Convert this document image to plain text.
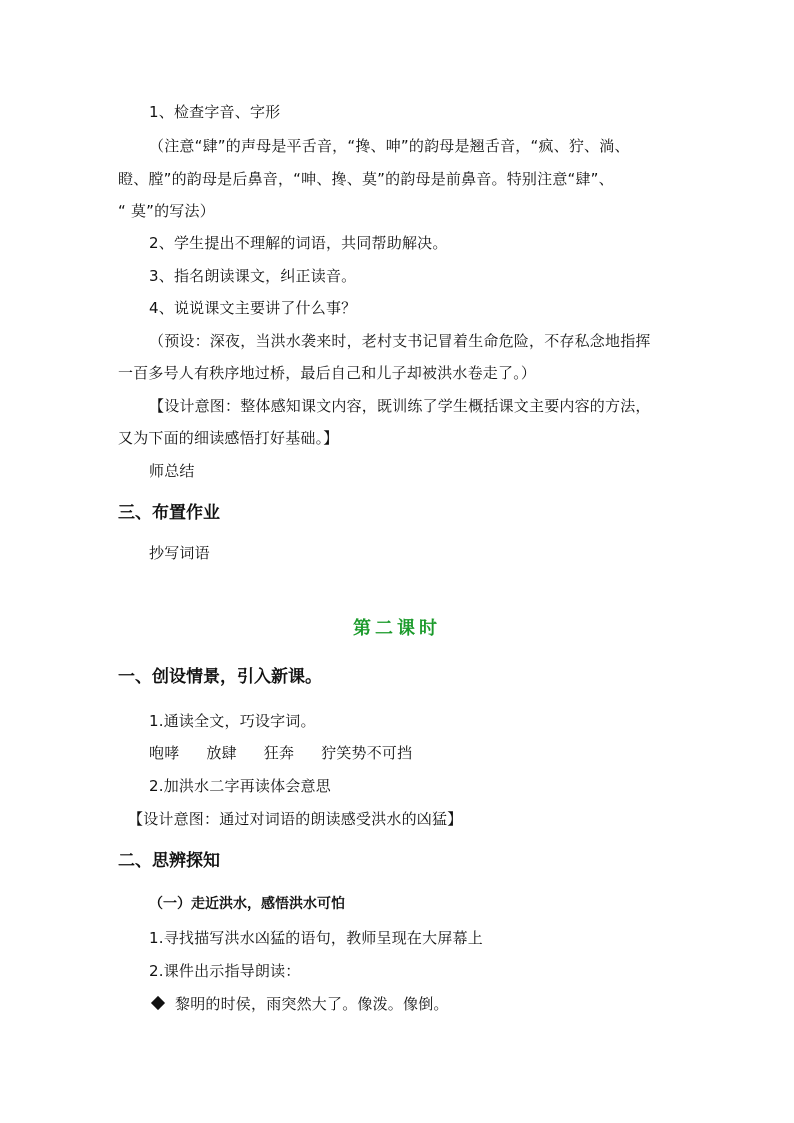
1、检查字音、字形
（注意“肆”的声母是平舌音，“搀、呻”的韵母是翘舌音，“疯、狞、淌、
瞪、膛”的韵母是后鼻音，“呻、搀、莫”的韵母是前鼻音。特别注意“肆”、
“ 莫”的写法）
2、学生提出不理解的词语，共同帮助解决。
3、指名朗读课文，纠正读音。
4、说说课文主要讲了什么事？
（预设：深夜，当洪水袭来时，老村支书记冒着生命危险，不存私念地指挥
一百多号人有秩序地过桥，最后自己和儿子却被洪水卷走了。）
【设计意图：整体感知课文内容，既训练了学生概括课文主要内容的方法，
又为下面的细读感悟打好基础。】
师总结
三、布置作业
抄写词语
第二课时
一、创设情景，引入新课。
1.通读全文，巧设字词。
咆哮 放肆 狂奔 狞笑势不可挡
2.加洪水二字再读体会意思
【设计意图：通过对词语的朗读感受洪水的凶猛】
二、思辨探知
（一）走近洪水，感悟洪水可怕
1.寻找描写洪水凶猛的语句，教师呈现在大屏幕上
2.课件出示指导朗读：
黎明的时侯，雨突然大了。像泼。像倒。
